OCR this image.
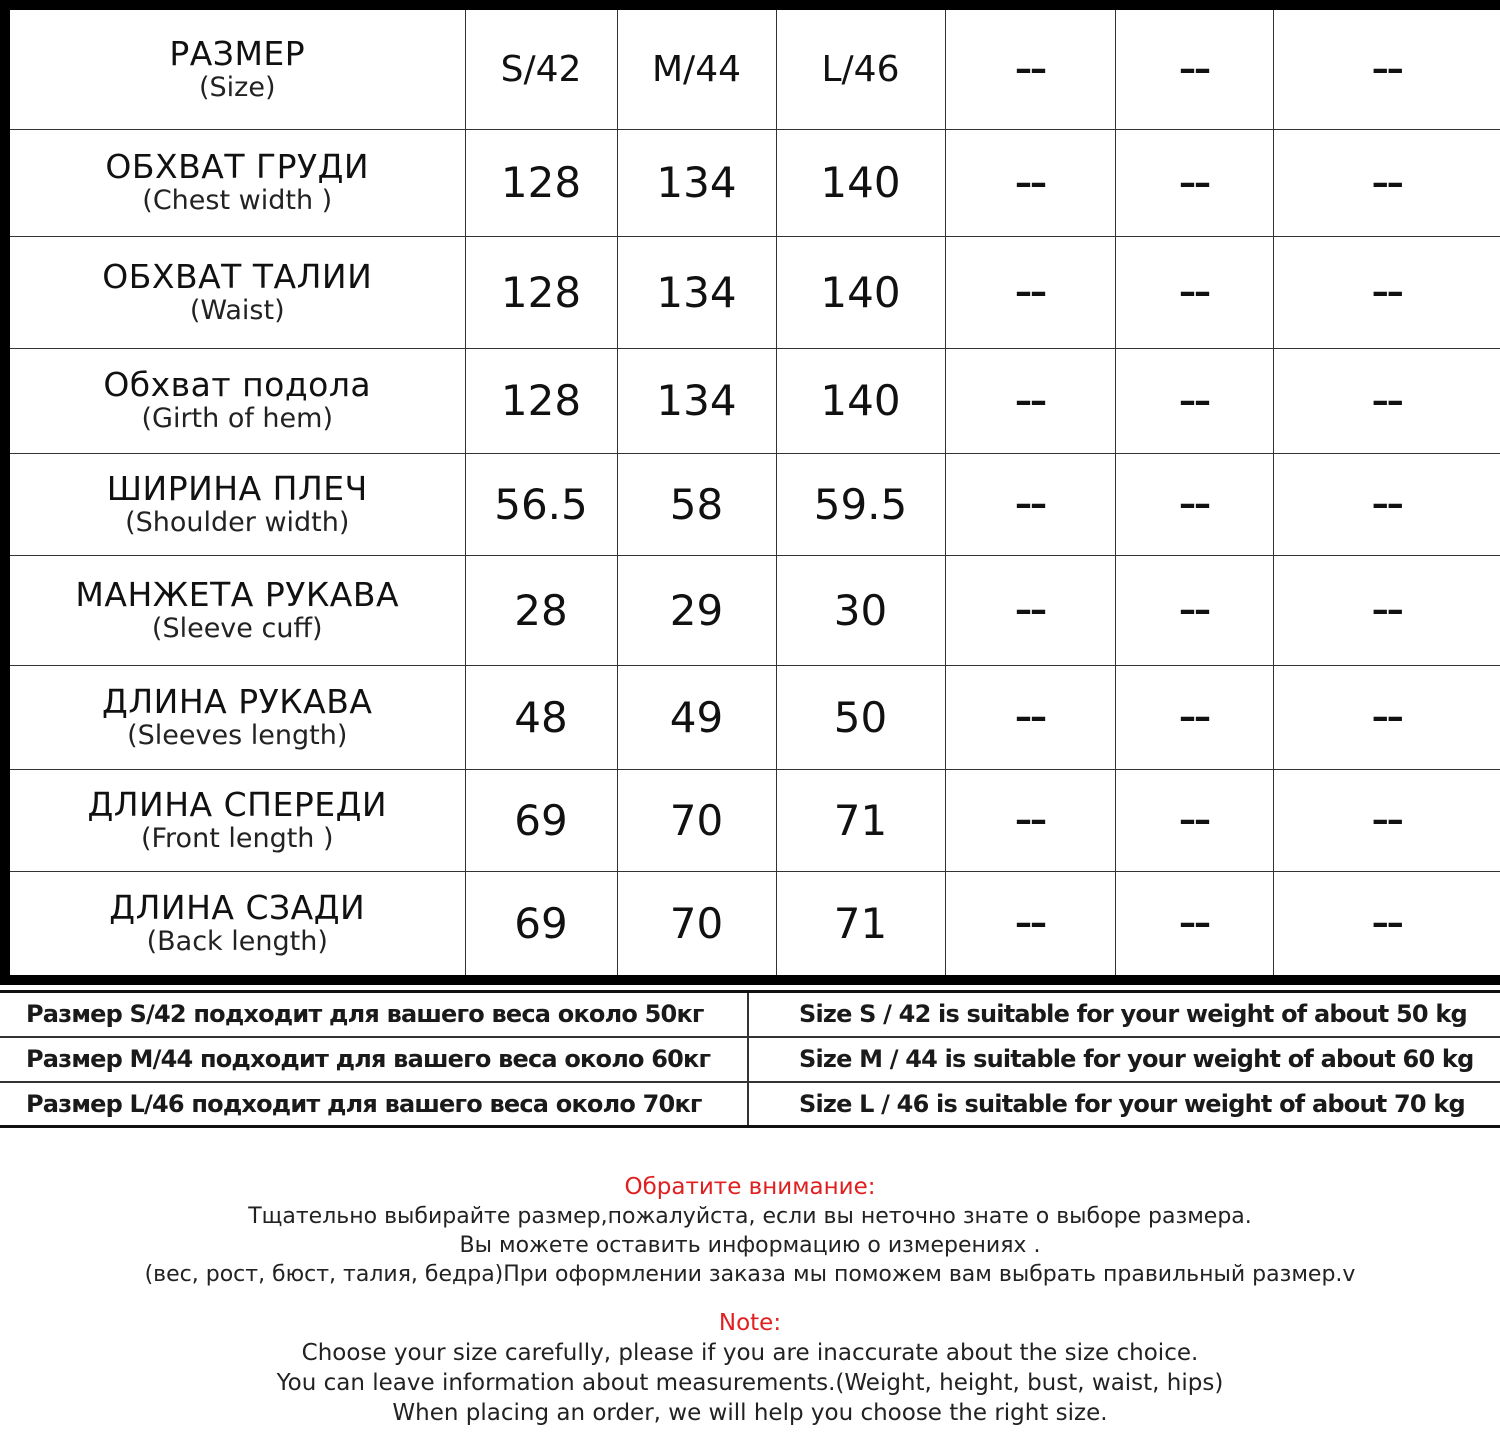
РАЗМЕР
(Size)	S/42	M/44	L/46	––	––	––

ОБХВАТ ГРУДИ
(Chest width )	128	134	140	––	––	––

ОБХВАТ ТАЛИИ
(Waist)	128	134	140	––	––	––

Обхват подола
(Girth of hem)	128	134	140	––	––	––

ШИРИНА ПЛЕЧ
(Shoulder width)	56.5	58	59.5	––	––	––

МАНЖЕТА РУКАВА
(Sleeve cuff)	28	29	30	––	––	––

ДЛИНА РУКАВА
(Sleeves length)	48	49	50	––	––	––

ДЛИНА СПЕРЕДИ
(Front length )	69	70	71	––	––	––

ДЛИНА СЗАДИ
(Back length)	69	70	71	––	––	––
Размер S/42 подходит для вашего веса около 50кг	Size S / 42 is suitable for your weight of about 50 kg
Размер M/44 подходит для вашего веса около 60кг	Size M / 44 is suitable for your weight of about 60 kg
Размер L/46 подходит для вашего веса около 70кг	Size L / 46 is suitable for your weight of about 70 kg
Обратите внимание:
Тщательно выбирайте размер,пожалуйста, если вы неточно знате о выборе размера.
Вы можете оставить информацию о измерениях .
(вес, рост, бюст, талия, бедра)При оформлении заказа мы поможем вам выбрать правильный размер.v
Note:
Choose your size carefully, please if you are inaccurate about the size choice.
You can leave information about measurements.(Weight, height, bust, waist, hips)
When placing an order, we will help you choose the right size.
